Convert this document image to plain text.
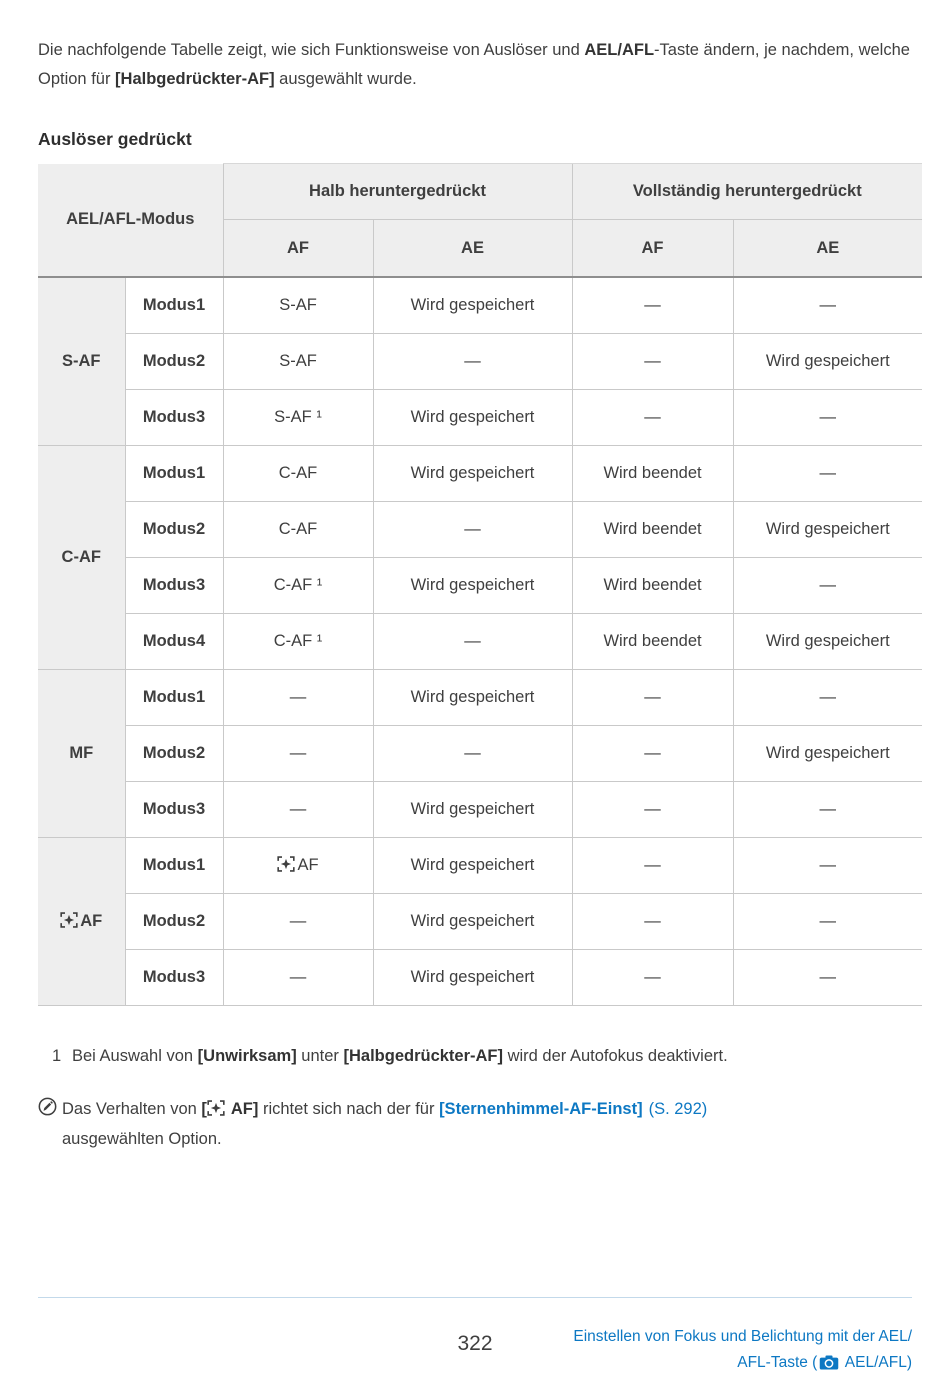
Die nachfolgende Tabelle zeigt, wie sich Funktionsweise von Auslöser und AEL/AFL-Taste ändern, je nachdem, welche Option für [Halbgedrückter-AF] ausgewählt wurde.

Auslöser gedrückt
AEL/AFL-Modus		Halb heruntergedrückt		Vollständig heruntergedrückt	
		AF	AE	AF	AE
S-AF	Modus1	S-AF	Wird gespeichert	—	—
	Modus2	S-AF	—	—	Wird gespeichert
	Modus3	S-AF ¹	Wird gespeichert	—	—
C-AF	Modus1	C-AF	Wird gespeichert	Wird beendet	—
	Modus2	C-AF	—	Wird beendet	Wird gespeichert
	Modus3	C-AF ¹	Wird gespeichert	Wird beendet	—
	Modus4	C-AF ¹	—	Wird beendet	Wird gespeichert
MF	Modus1	—	Wird gespeichert	—	—
	Modus2	—	—	—	Wird gespeichert
	Modus3	—	Wird gespeichert	—	—
AF	Modus1	AF	Wird gespeichert	—	—
	Modus2	—	Wird gespeichert	—	—
	Modus3	—	Wird gespeichert	—	—
1 Bei Auswahl von [Unwirksam] unter [Halbgedrückter-AF] wird der Autofokus deaktiviert.
Das Verhalten von [ AF] richtet sich nach der für [Sternenhimmel-AF-Einst] (S. 292)
ausgewählten Option.
322	Einstellen von Fokus und Belichtung mit der AEL/
AFL-Taste ( AEL/AFL)
